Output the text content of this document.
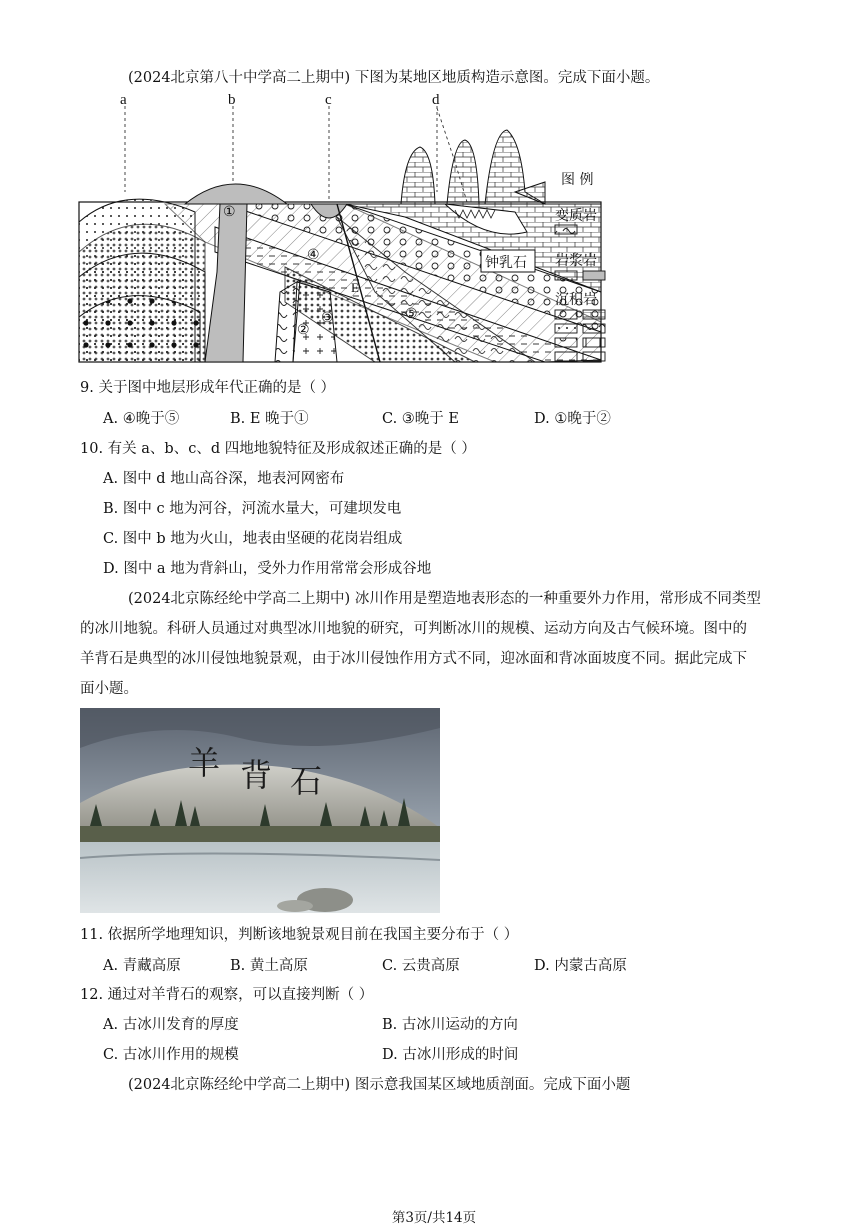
(2024北京第八十中学高二上期中) 下图为某地区地质构造示意图。完成下面小题。
a	b	c	d
①
②
③
④
⑤
E
钟乳石
图 例
变质岩
岩浆岩
沉积岩
9. 关于图中地层形成年代正确的是（ ）
A. ④晚于⑤	B. E 晚于①	C. ③晚于 E	D. ①晚于②
10. 有关 a、b、c、d 四地地貌特征及形成叙述正确的是（ ）
A. 图中 d 地山高谷深，地表河网密布
B. 图中 c 地为河谷，河流水量大，可建坝发电
C. 图中 b 地为火山，地表由坚硬的花岗岩组成
D. 图中 a 地为背斜山，受外力作用常常会形成谷地
(2024北京陈经纶中学高二上期中) 冰川作用是塑造地表形态的一种重要外力作用，常形成不同类型
的冰川地貌。科研人员通过对典型冰川地貌的研究，可判断冰川的规模、运动方向及古气候环境。图中的
羊背石是典型的冰川侵蚀地貌景观，由于冰川侵蚀作用方式不同，迎冰面和背冰面坡度不同。据此完成下
面小题。
羊 背 石
11. 依据所学地理知识，判断该地貌景观目前在我国主要分布于（ ）
A. 青藏高原	B. 黄土高原	C. 云贵高原	D. 内蒙古高原
12. 通过对羊背石的观察，可以直接判断（ ）
A. 古冰川发育的厚度	B. 古冰川运动的方向
C. 古冰川作用的规模	D. 古冰川形成的时间
(2024北京陈经纶中学高二上期中) 图示意我国某区域地质剖面。完成下面小题
第3页/共14页
